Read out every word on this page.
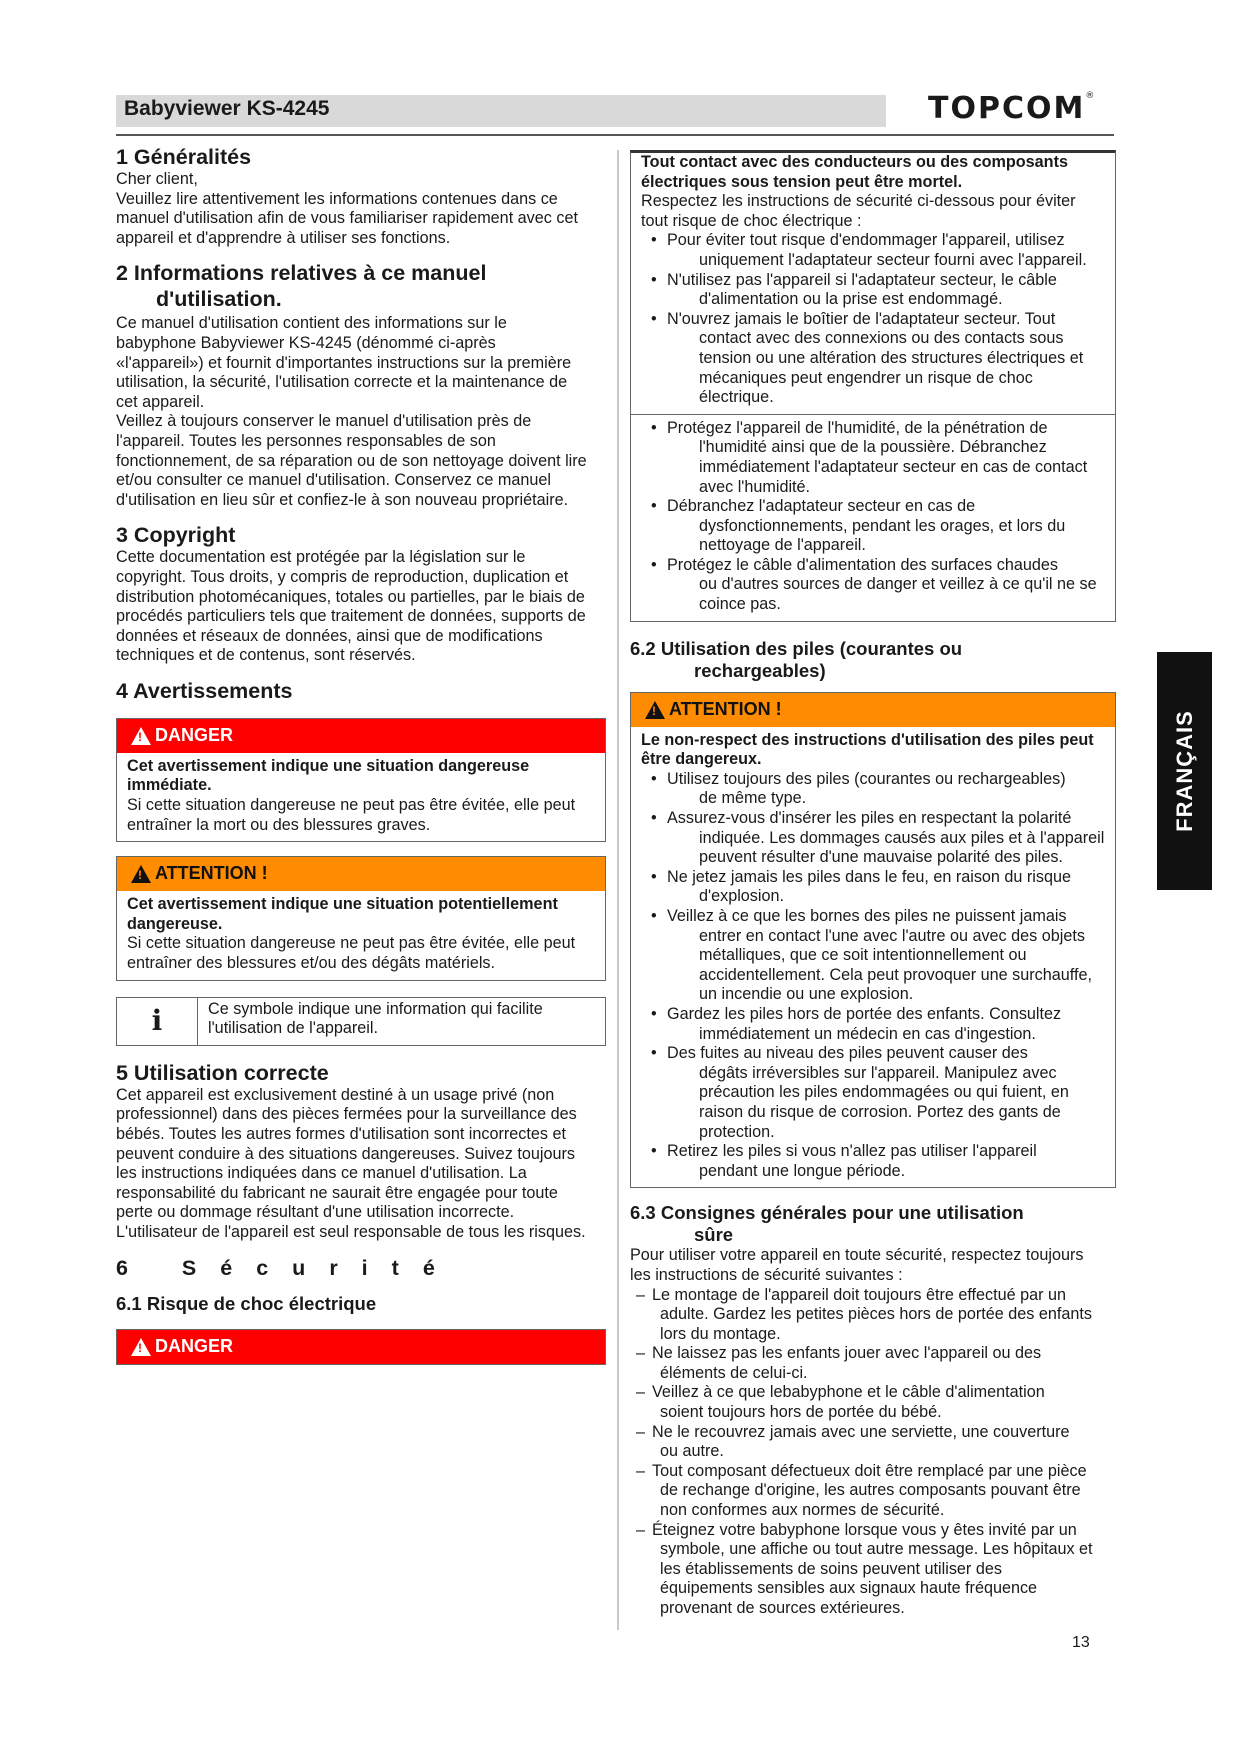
Babyviewer KS-4245	TOPCOM®
1 Généralités

Cher client,
Veuillez lire attentivement les informations contenues dans ce
manuel d'utilisation afin de vous familiariser rapidement avec cet
appareil et d'apprendre à utiliser ses fonctions.

2 Informations relatives à ce manuel
d'utilisation.

Ce manuel d'utilisation contient des informations sur le
babyphone Babyviewer KS-4245 (dénommé ci-après
«l'appareil») et fournit d'importantes instructions sur la première
utilisation, la sécurité, l'utilisation correcte et la maintenance de
cet appareil.
Veillez à toujours conserver le manuel d'utilisation près de
l'appareil. Toutes les personnes responsables de son
fonctionnement, de sa réparation ou de son nettoyage doivent lire
et/ou consulter ce manuel d'utilisation. Conservez ce manuel
d'utilisation en lieu sûr et confiez-le à son nouveau propriétaire.

3 Copyright

Cette documentation est protégée par la législation sur le
copyright. Tous droits, y compris de reproduction, duplication et
distribution photomécaniques, totales ou partielles, par le biais de
procédés particuliers tels que traitement de données, supports de
données et réseaux de données, ainsi que de modifications
techniques et de contenus, sont réservés.

4 Avertissements
! DANGER
Cet avertissement indique une situation dangereuse
immédiate.
Si cette situation dangereuse ne peut pas être évitée, elle peut
entraîner la mort ou des blessures graves.
! ATTENTION !
Cet avertissement indique une situation potentiellement
dangereuse.
Si cette situation dangereuse ne peut pas être évitée, elle peut
entraîner des blessures et/ou des dégâts matériels.
i	Ce symbole indique une information qui facilite
l'utilisation de l'appareil.
5 Utilisation correcte

Cet appareil est exclusivement destiné à un usage privé (non
professionnel) dans des pièces fermées pour la surveillance des
bébés. Toutes les autres formes d'utilisation sont incorrectes et
peuvent conduire à des situations dangereuses. Suivez toujours
les instructions indiquées dans ce manuel d'utilisation. La
responsabilité du fabricant ne saurait être engagée pour toute
perte ou dommage résultant d'une utilisation incorrecte.
L'utilisateur de l'appareil est seul responsable de tous les risques.

6 Sécurité
6.1 Risque de choc électrique
! DANGER
Tout contact avec des conducteurs ou des composants
électriques sous tension peut être mortel.
Respectez les instructions de sécurité ci-dessous pour éviter
tout risque de choc électrique :
• Pour éviter tout risque d'endommager l'appareil, utilisez
uniquement l'adaptateur secteur fourni avec l'appareil.
• N'utilisez pas l'appareil si l'adaptateur secteur, le câble
d'alimentation ou la prise est endommagé.
• N'ouvrez jamais le boîtier de l'adaptateur secteur. Tout
contact avec des connexions ou des contacts sous
tension ou une altération des structures électriques et
mécaniques peut engendrer un risque de choc
électrique.
• Protégez l'appareil de l'humidité, de la pénétration de
l'humidité ainsi que de la poussière. Débranchez
immédiatement l'adaptateur secteur en cas de contact
avec l'humidité.
• Débranchez l'adaptateur secteur en cas de
dysfonctionnements, pendant les orages, et lors du
nettoyage de l'appareil.
• Protégez le câble d'alimentation des surfaces chaudes
ou d'autres sources de danger et veillez à ce qu'il ne se
coince pas.
6.2 Utilisation des piles (courantes ou
rechargeables)
! ATTENTION !
Le non-respect des instructions d'utilisation des piles peut
être dangereux.
• Utilisez toujours des piles (courantes ou rechargeables)
de même type.
• Assurez-vous d'insérer les piles en respectant la polarité
indiquée. Les dommages causés aux piles et à l'appareil
peuvent résulter d'une mauvaise polarité des piles.
• Ne jetez jamais les piles dans le feu, en raison du risque
d'explosion.
• Veillez à ce que les bornes des piles ne puissent jamais
entrer en contact l'une avec l'autre ou avec des objets
métalliques, que ce soit intentionnellement ou
accidentellement. Cela peut provoquer une surchauffe,
un incendie ou une explosion.
• Gardez les piles hors de portée des enfants. Consultez
immédiatement un médecin en cas d'ingestion.
• Des fuites au niveau des piles peuvent causer des
dégâts irréversibles sur l'appareil. Manipulez avec
précaution les piles endommagées ou qui fuient, en
raison du risque de corrosion. Portez des gants de
protection.
• Retirez les piles si vous n'allez pas utiliser l'appareil
pendant une longue période.
6.3 Consignes générales pour une utilisation
sûre

Pour utiliser votre appareil en toute sécurité, respectez toujours
les instructions de sécurité suivantes :

– Le montage de l'appareil doit toujours être effectué par un
adulte. Gardez les petites pièces hors de portée des enfants
lors du montage.
– Ne laissez pas les enfants jouer avec l'appareil ou des
éléments de celui-ci.
– Veillez à ce que lebabyphone et le câble d'alimentation
soient toujours hors de portée du bébé.
– Ne le recouvrez jamais avec une serviette, une couverture
ou autre.
– Tout composant défectueux doit être remplacé par une pièce
de rechange d'origine, les autres composants pouvant être
non conformes aux normes de sécurité.
– Éteignez votre babyphone lorsque vous y êtes invité par un
symbole, une affiche ou tout autre message. Les hôpitaux et
les établissements de soins peuvent utiliser des
équipements sensibles aux signaux haute fréquence
provenant de sources extérieures.
FRANÇAIS
13
